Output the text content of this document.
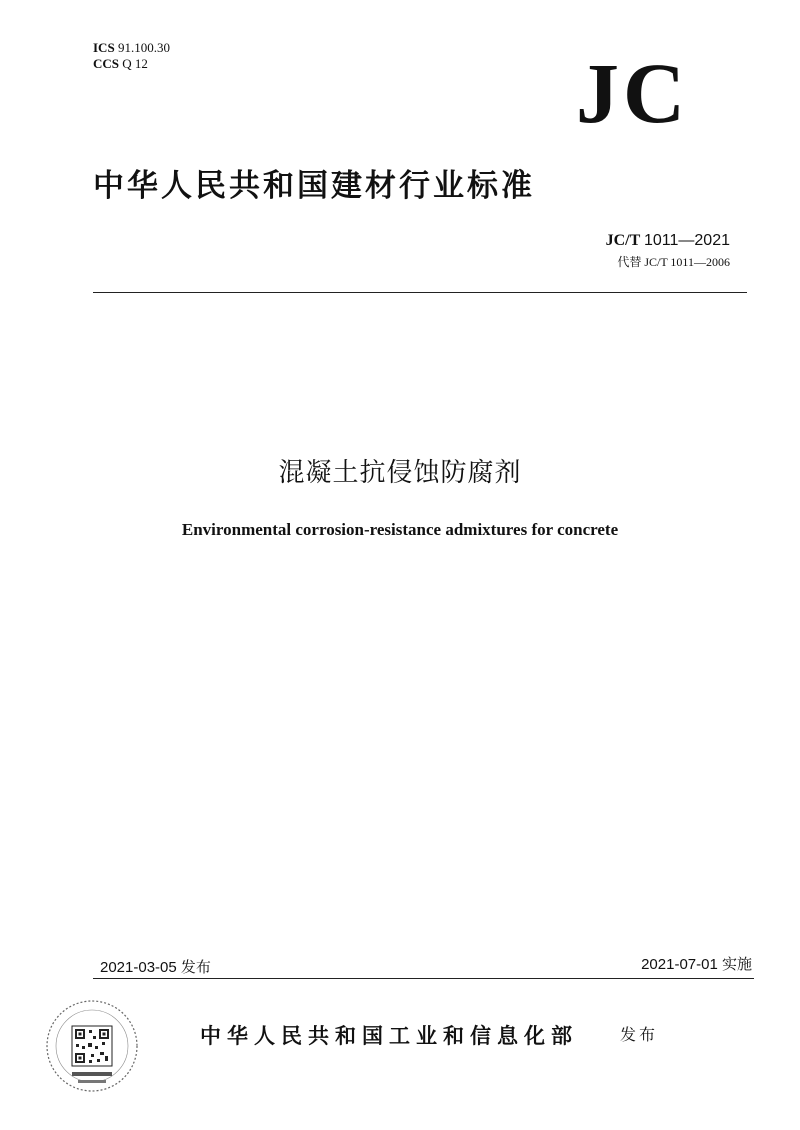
ICS 91.100.30
CCS Q 12	JC
中华人民共和国建材行业标准
JC/T 1011—2021
代替 JC/T 1011—2006
混凝土抗侵蚀防腐剂
Environmental corrosion-resistance admixtures for concrete
2021-03-05 发布	2021-07-01 实施
中华人民共和国工业和信息化部	发布
